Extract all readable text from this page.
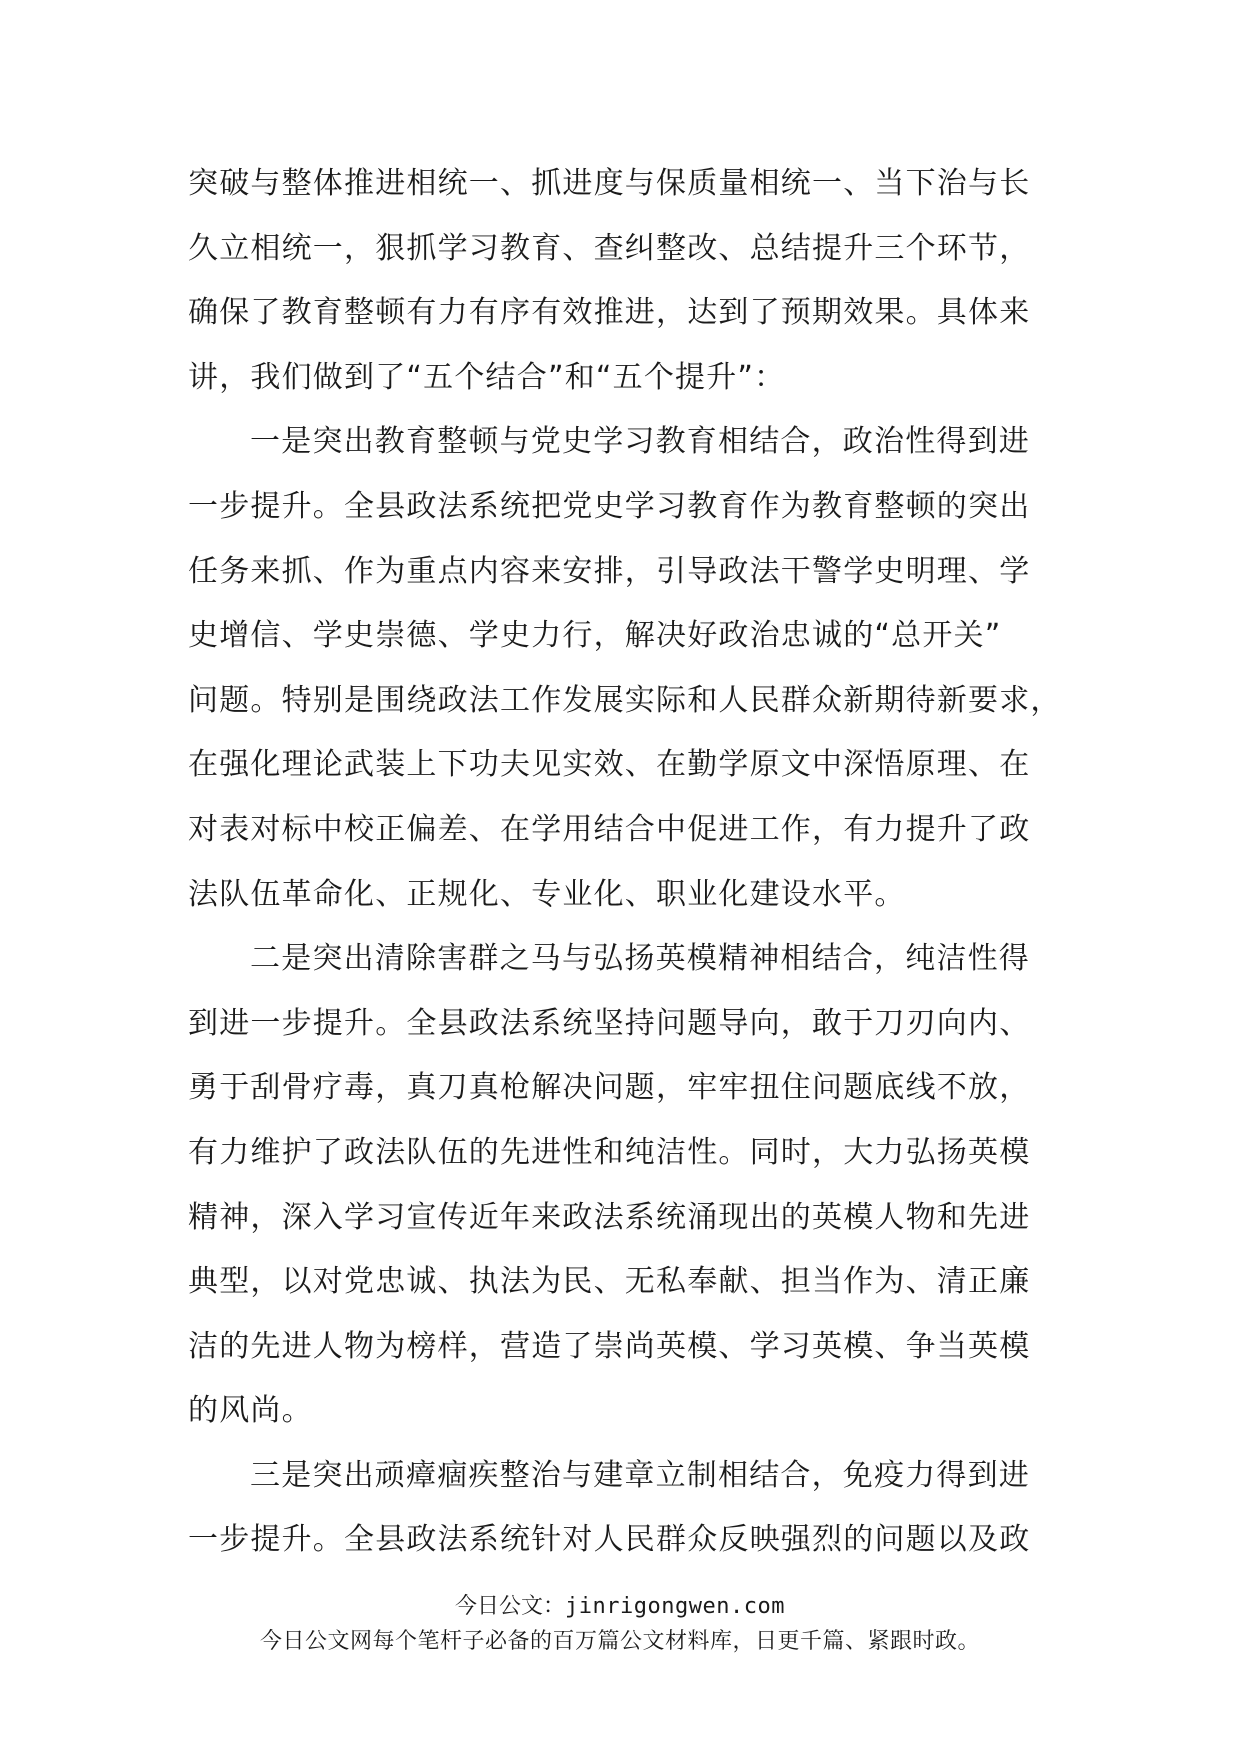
突破与整体推进相统一、抓进度与保质量相统一、当下治与长
久立相统一，狠抓学习教育、查纠整改、总结提升三个环节，
确保了教育整顿有力有序有效推进，达到了预期效果。具体来
讲，我们做到了“五个结合”和“五个提升”：
一是突出教育整顿与党史学习教育相结合，政治性得到进
一步提升。全县政法系统把党史学习教育作为教育整顿的突出
任务来抓、作为重点内容来安排，引导政法干警学史明理、学
史增信、学史崇德、学史力行，解决好政治忠诚的“总开关”
问题。特别是围绕政法工作发展实际和人民群众新期待新要求，
在强化理论武装上下功夫见实效、在勤学原文中深悟原理、在
对表对标中校正偏差、在学用结合中促进工作，有力提升了政
法队伍革命化、正规化、专业化、职业化建设水平。
二是突出清除害群之马与弘扬英模精神相结合，纯洁性得
到进一步提升。全县政法系统坚持问题导向，敢于刀刃向内、
勇于刮骨疗毒，真刀真枪解决问题，牢牢扭住问题底线不放，
有力维护了政法队伍的先进性和纯洁性。同时，大力弘扬英模
精神，深入学习宣传近年来政法系统涌现出的英模人物和先进
典型，以对党忠诚、执法为民、无私奉献、担当作为、清正廉
洁的先进人物为榜样，营造了崇尚英模、学习英模、争当英模
的风尚。
三是突出顽瘴痼疾整治与建章立制相结合，免疫力得到进
一步提升。全县政法系统针对人民群众反映强烈的问题以及政
今日公文：jinrigongwen.com
今日公文网每个笔杆子必备的百万篇公文材料库，日更千篇、紧跟时政。
